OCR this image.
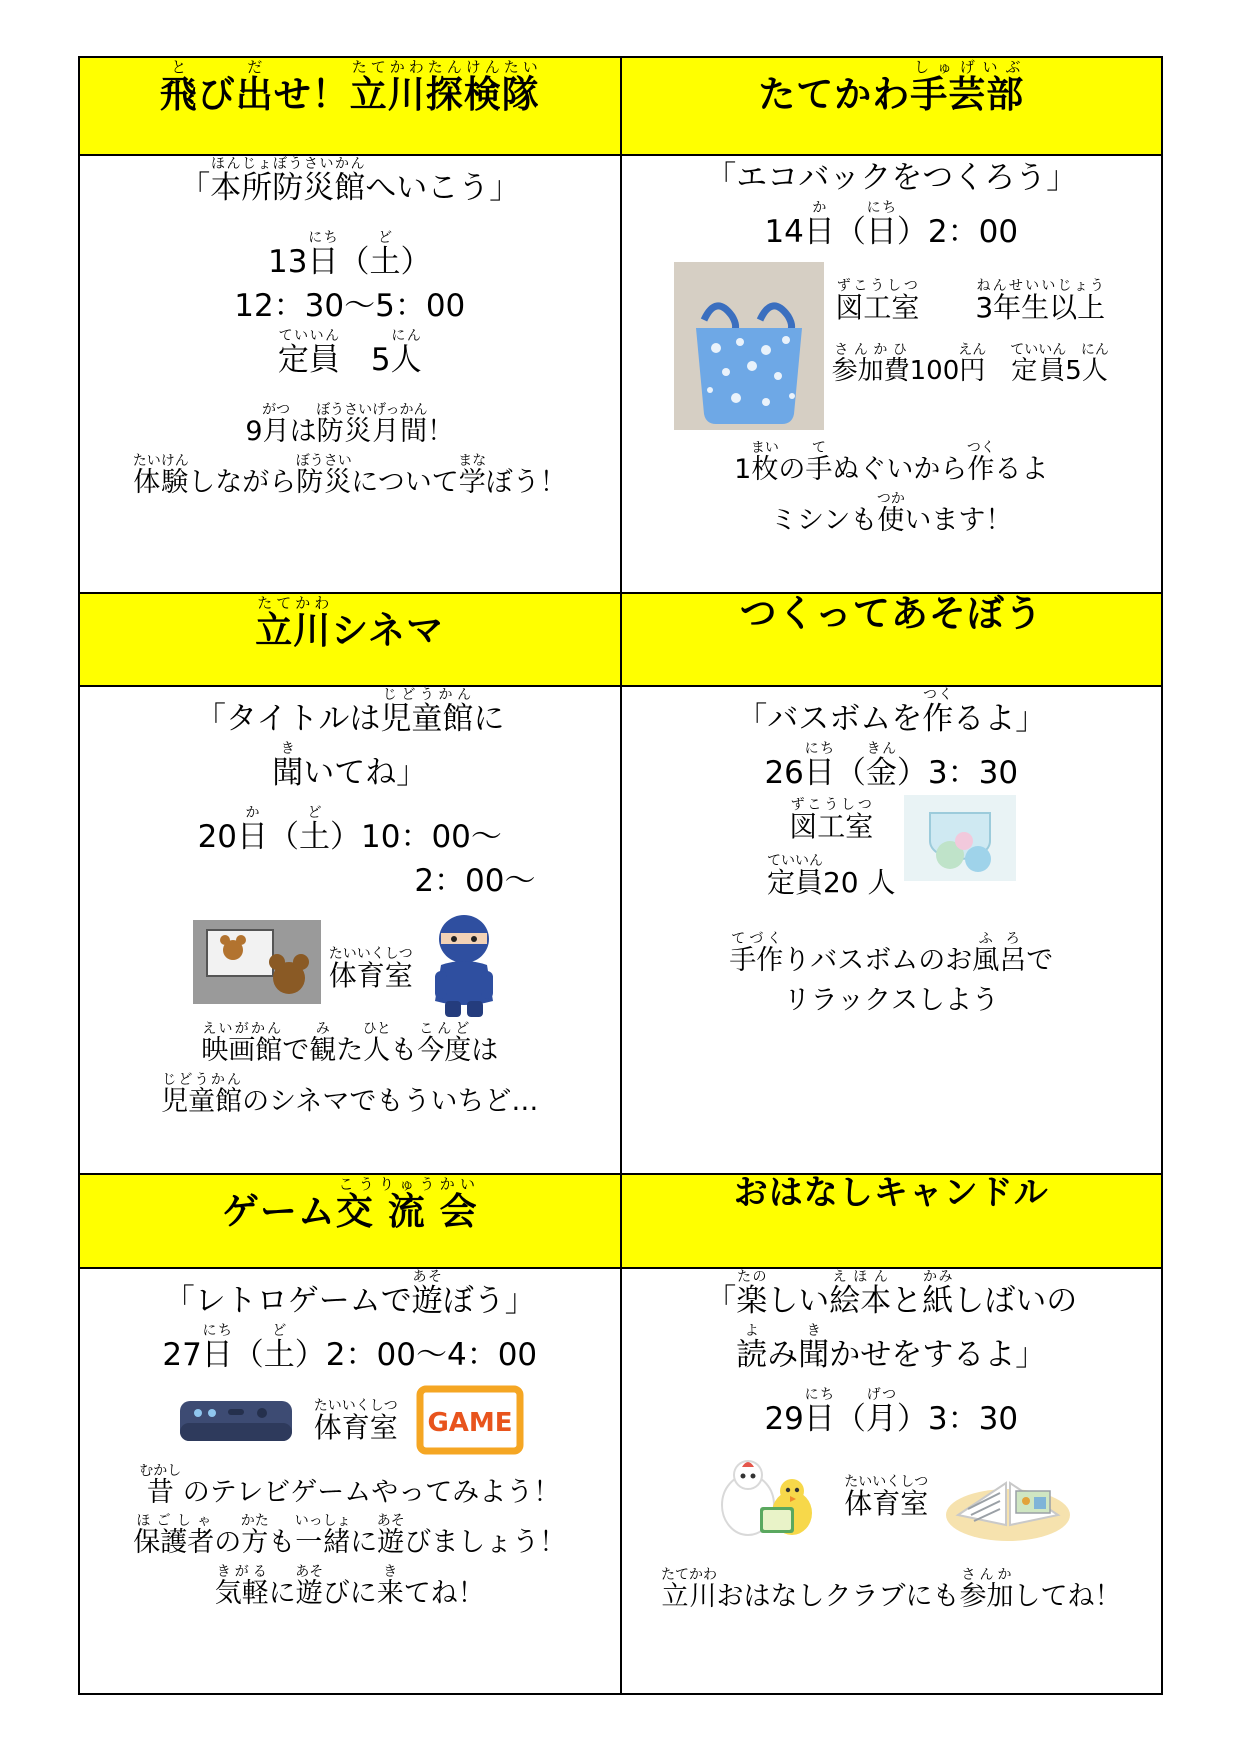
飛とび出だせ！立川探検隊たてかわたんけんたい	たてかわ手芸部しゅげいぶ

「本所防災館ほんじょぼうさいかんへいこう」
13日にち（土ど）
12：30〜5：00
定員ていいん　5人にん
9月がつは防災月間ぼうさいげっかん！
体験たいけんしながら防災ぼうさいについて学まなぼう！

「エコバックをつくろう」
14日か（日にち）2：00
図工室ずこうしつ　　3年生以上ねんせいいじょう
参加費さんかひ100円えん　定員ていいん5人にん
1枚まいの手てぬぐいから作つくるよ
ミシンも使つかいます！

立川たてかわシネマ	つくってあそぼう

「タイトルは児童館じどうかんに
聞きいてね」
20日か（土ど）10：00〜
2：00〜
体育室たいいくしつ
映画館えいがかんで観みた人ひとも今度こんどは
児童館じどうかんのシネマでもういちど…

「バスボムを作つくるよ」
26日にち（金きん）3：30
図工室ずこうしつ
定員ていいん20 人
手作てづくりバスボムのお風ふ呂ろで
リラックスしよう

ゲーム交 流 会こうりゅうかい	おはなしキャンドル

「レトロゲームで遊あそぼう」
27日にち（土ど）2：00〜4：00
体育室たいいくしつ
GAME
昔むかし のテレビゲームやってみよう！
保護者ほごしゃの方かたも一緒いっしょに遊あそびましょう！
気軽きがるに遊あそびに来きてね！

「楽たのしい絵本えほんと紙かみしばいの
読よみ聞きかせをするよ」
29日にち（月げつ）3：30
体育室たいいくしつ
立川たてかわおはなしクラブにも参加さんかしてね！
